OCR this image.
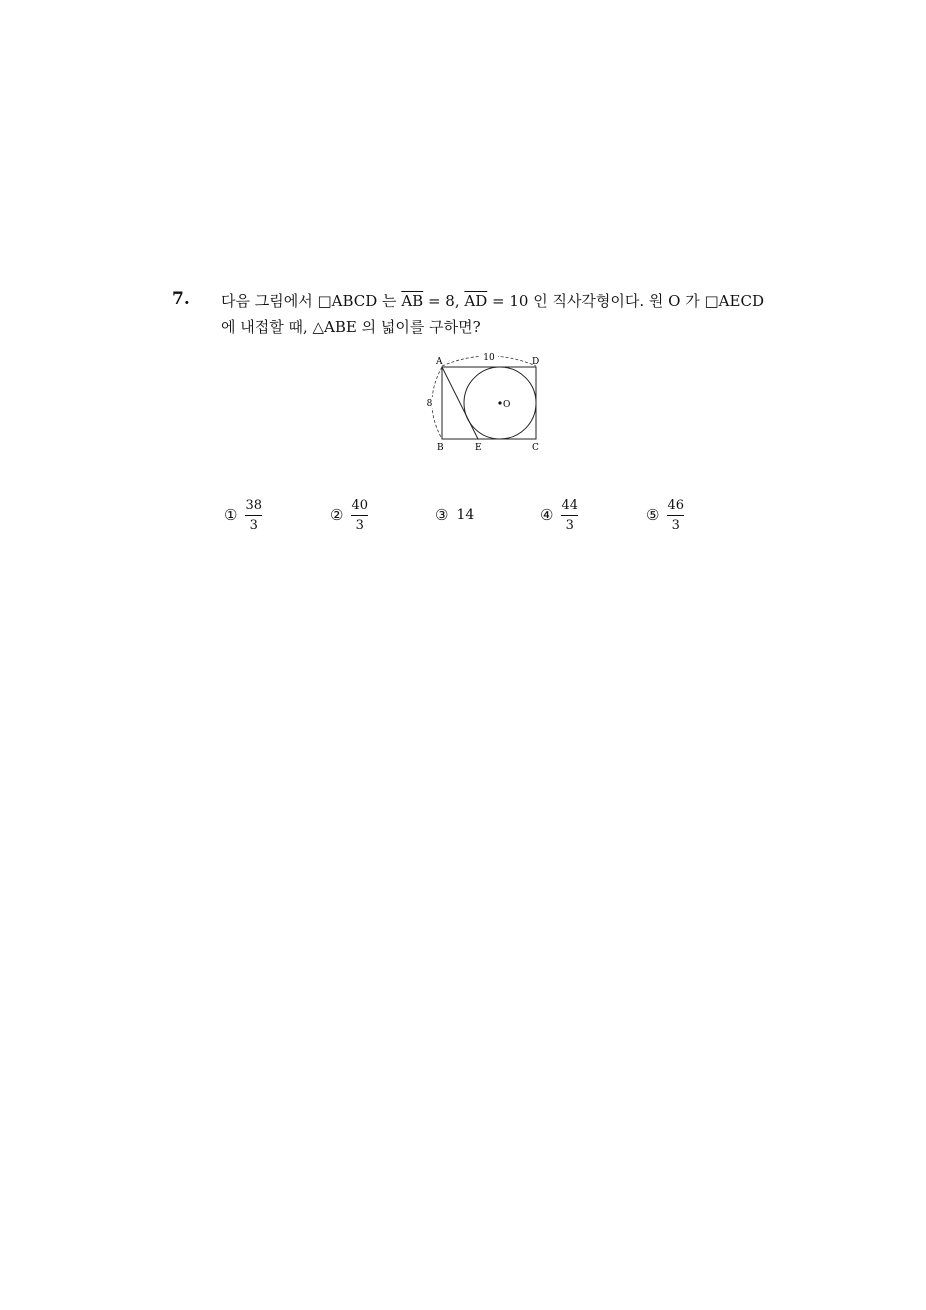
7. 다음 그림에서 □ABCD 는 $\overline{AB} = 8$, $\overline{AD} = 10$ 인 직사각형이다. 원 O 가 □AECD
에 내접할 때, △ABE 의 넓이를 구하면?
10
8
A	D
B	E	C
O
① $\frac{38}{3}$	② $\frac{40}{3}$	③ 14	④ $\frac{44}{3}$	⑤ $\frac{46}{3}$
